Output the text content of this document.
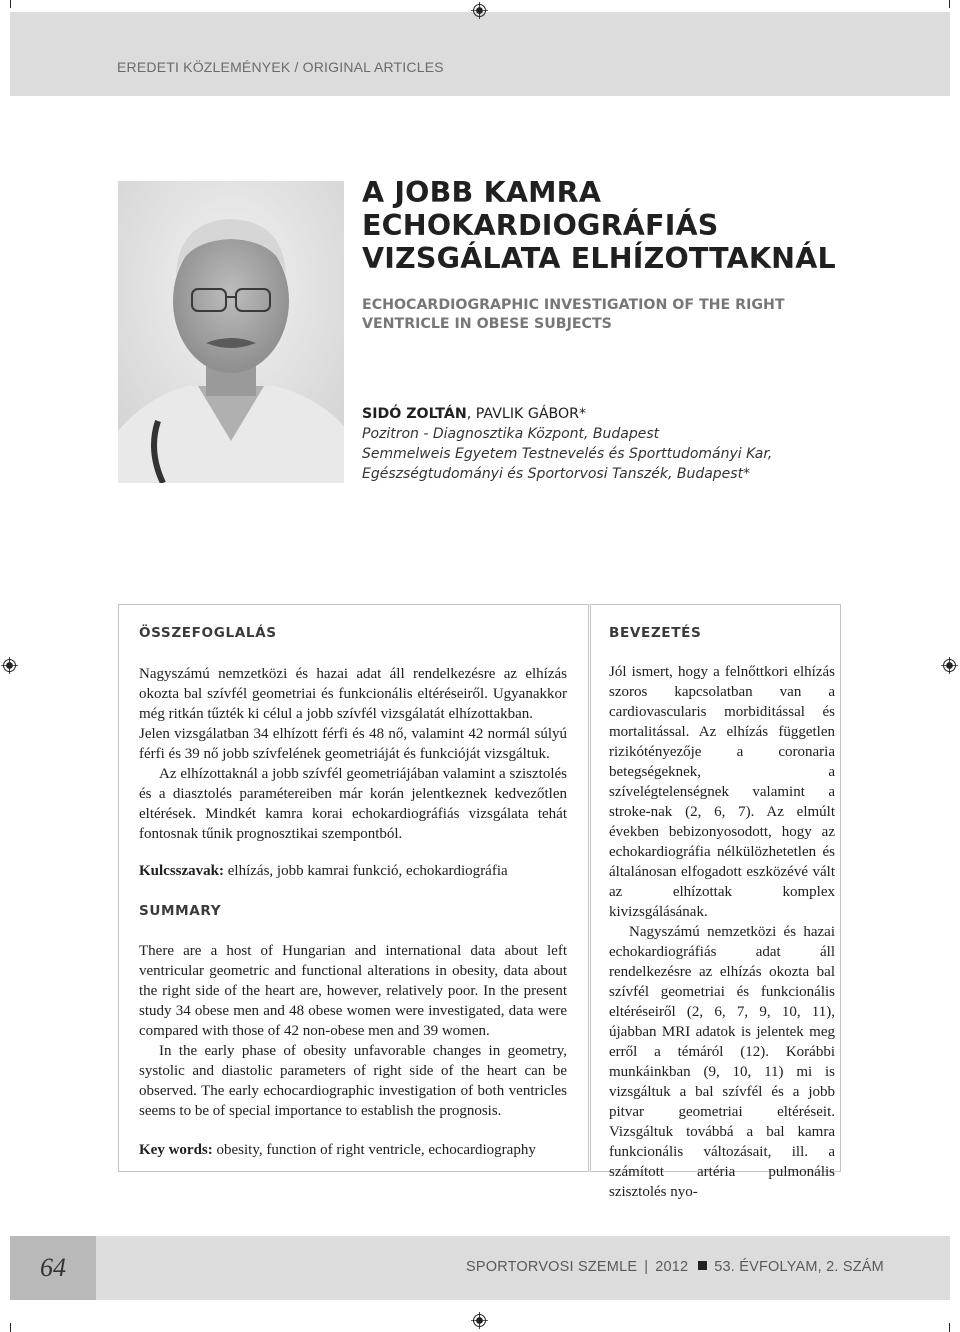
EREDETI KÖZLEMÉNYEK / ORIGINAL ARTICLES
A JOBB KAMRA
ECHOKARDIOGRÁFIÁS
VIZSGÁLATA ELHÍZOTTAKNÁL
ECHOCARDIOGRAPHIC INVESTIGATION OF THE RIGHT
VENTRICLE IN OBESE SUBJECTS
SIDÓ ZOLTÁN, PAVLIK GÁBOR*
Pozitron - Diagnosztika Központ, Budapest
Semmelweis Egyetem Testnevelés és Sporttudományi Kar,
Egészségtudományi és Sportorvosi Tanszék, Budapest*
ÖSSZEFOGLALÁS

Nagyszámú nemzetközi és hazai adat áll rendelkezésre az elhízás okozta bal szívfél geometriai és funkcionális eltéréseiről. Ugyanakkor még ritkán tűzték ki célul a jobb szívfél vizsgálatát elhízottakban.

Jelen vizsgálatban 34 elhízott férfi és 48 nő, valamint 42 normál súlyú férfi és 39 nő jobb szívfelének geometriáját és funkcióját vizsgáltuk.

Az elhízottaknál a jobb szívfél geometriájában valamint a szisztolés és a diasztolés paramétereiben már korán jelentkeznek kedvezőtlen eltérések. Mindkét kamra korai echokardiográfiás vizsgálata tehát fontosnak tűnik prognosztikai szempontból.

Kulcsszavak: elhízás, jobb kamrai funkció, echokardiográfia
SUMMARY

There are a host of Hungarian and international data about left ventricular geometric and functional alterations in obesity, data about the right side of the heart are, however, relatively poor. In the present study 34 obese men and 48 obese women were investigated, data were compared with those of 42 non-obese men and 39 women.

In the early phase of obesity unfavorable changes in geometry, systolic and diastolic parameters of right side of the heart can be observed. The early echocardiographic investigation of both ventricles seems to be of special importance to establish the prognosis.

Key words: obesity, function of right ventricle, echocardiography
BEVEZETÉS

Jól ismert, hogy a felnőttkori elhízás szoros kapcsolatban van a cardiovascularis morbiditással és mortalitással. Az elhízás független rizikótényezője a coronaria betegségeknek, a szívelégtelenségnek valamint a stroke-nak (2, 6, 7). Az elmúlt években bebizonyosodott, hogy az echokardiográfia nélkülözhetetlen és általánosan elfogadott eszközévé vált az elhízottak komplex kivizsgálásának.

Nagyszámú nemzetközi és hazai echokardiográfiás adat áll rendelkezésre az elhízás okozta bal szívfél geometriai és funkcionális eltéréseiről (2, 6, 7, 9, 10, 11), újabban MRI adatok is jelentek meg erről a témáról (12). Korábbi munkáinkban (9, 10, 11) mi is vizsgáltuk a bal szívfél és a jobb pitvar geometriai eltéréseit. Vizsgáltuk továbbá a bal kamra funkcionális változásait, ill. a számított artéria pulmonális szisztolés nyo-

64	SPORTORVOSI SZEMLE | 2012 53. ÉVFOLYAM, 2. SZÁM
